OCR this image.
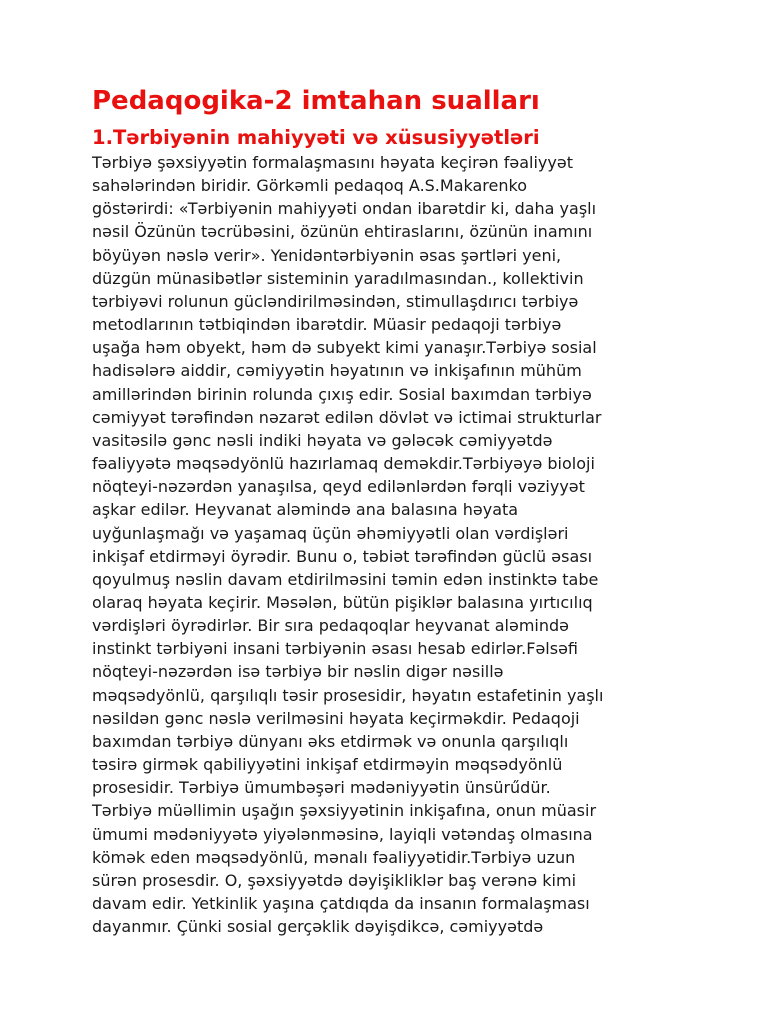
Pedaqogika-2 imtahan sualları
1.Tərbiyənin mahiyyəti və xüsusiyyətləri
Tərbiyə şəxsiyyətin formalaşmasını həyata keçirən fəaliyyət
sahələrindən biridir. Görkəmli pedaqoq A.S.Makarenko
göstərirdi: «Tərbiyənin mahiyyəti ondan ibarətdir ki, daha yaşlı
nəsil Özünün təcrübəsini, özünün ehtiraslarını, özünün inamını
böyüyən nəslə verir». Yenidəntərbiyənin əsas şərtləri yeni,
düzgün münasibətlər sisteminin yaradılmasından., kollektivin
tərbiyəvi rolunun gücləndirilməsindən, stimullaşdırıcı tərbiyə
metodlarının tətbiqindən ibarətdir. Müasir pedaqoji tərbiyə
uşağa həm obyekt, həm də subyekt kimi yanaşır.Tərbiyə sosial
hadisələrə aiddir, cəmiyyətin həyatının və inkişafının mühüm
amillərindən birinin rolunda çıxış edir. Sosial baxımdan tərbiyə
cəmiyyət tərəfindən nəzarət edilən dövlət və ictimai strukturlar
vasitəsilə gənc nəsli indiki həyata və gələcək cəmiyyətdə
fəaliyyətə məqsədyönlü hazırlamaq deməkdir.Tərbiyəyə bioloji
nöqteyi-nəzərdən yanaşılsa, qeyd edilənlərdən fərqli vəziyyət
aşkar edilər. Heyvanat aləmində ana balasına həyata
uyğunlaşmağı və yaşamaq üçün əhəmiyyətli olan vərdişləri
inkişaf etdirməyi öyrədir. Bunu o, təbiət tərəfindən güclü əsası
qoyulmuş nəslin davam etdirilməsini təmin edən instinktə tabe
olaraq həyata keçirir. Məsələn, bütün pişiklər balasına yırtıcılıq
vərdişləri öyrədirlər. Bir sıra pedaqoqlar heyvanat aləmində
instinkt tərbiyəni insani tərbiyənin əsası hesab edirlər.Fəlsəfi
nöqteyi-nəzərdən isə tərbiyə bir nəslin digər nəsillə
məqsədyönlü, qarşılıqlı təsir prosesidir, həyatın estafetinin yaşlı
nəsildən gənc nəslə verilməsini həyata keçirməkdir. Pedaqoji
baxımdan tərbiyə dünyanı əks etdirmək və onunla qarşılıqlı
təsirə girmək qabiliyyətini inkişaf etdirməyin məqsədyönlü
prosesidir. Tərbiyə ümumbəşəri mədəniyyətin ünsürűdür.
Tərbiyə müəllimin uşağın şəxsiyyətinin inkişafına, onun müasir
ümumi mədəniyyətə yiyələnməsinə, layiqli vətəndaş olmasına
kömək eden məqsədyönlü, mənalı fəaliyyətidir.Tərbiyə uzun
sürən prosesdir. O, şəxsiyyətdə dəyişikliklər baş verənə kimi
davam edir. Yetkinlik yaşına çatdıqda da insanın formalaşması
dayanmır. Çünki sosial gerçəklik dəyişdikcə, cəmiyyətdə
